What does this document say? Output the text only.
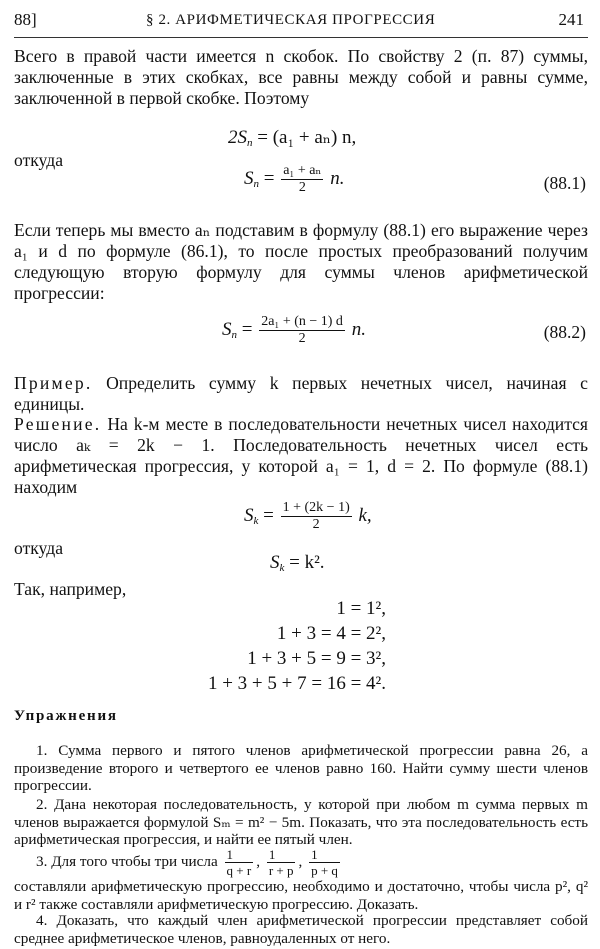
88]	§ 2. АРИФМЕТИЧЕСКАЯ ПРОГРЕССИЯ	241
Всего в правой части имеется n скобок. По свойству 2 (п. 87) суммы, заключенные в этих скобках, все равны между собой и равны сумме, заключенной в первой скобке. Поэтому
$2S_n = (a_1 + a_n)$ n,
откуда
$S_n = \frac{\text{a₁ + aₙ}}{2} n$.	(88.1)
Если теперь мы вместо aₙ подставим в формулу (88.1) его выражение через a₁ и d по формуле (86.1), то после простых преобразований получим следующую вторую формулу для суммы членов арифметической прогрессии:
$S_n = \frac{\text{2a₁ + (n − 1) d}}{2} n$.	(88.2)
Пример. Определить сумму k первых нечетных чисел, начиная с единицы.
Решение. На k-м месте в последовательности нечетных чисел находится число aₖ = 2k − 1. Последовательность нечетных чисел есть арифметическая прогрессия, у которой a₁ = 1, d = 2. По формуле (88.1) находим
$S_k = \frac{1 + (2k - 1)}{2} k$,
откуда
$S_k = k^2$.
Так, например,
1 = 1²,
1 + 3 = 4 = 2²,
1 + 3 + 5 = 9 = 3²,
1 + 3 + 5 + 7 = 16 = 4².
Упражнения
1. Сумма первого и пятого членов арифметической прогрессии равна 26, а произведение второго и четвертого ее членов равно 160. Найти сумму шести членов прогрессии.
2. Дана некоторая последовательность, у которой при любом m сумма первых m членов выражается формулой Sₘ = m² − 5m. Показать, что эта последовательность есть арифметическая прогрессия, и найти ее пятый член.
3. Для того чтобы три числа $\frac{1}{q + r}$ , $\frac{1}{r + p}$ , $\frac{1}{p + q}$
составляли арифметическую прогрессию, необходимо и достаточно, чтобы числа p², q² и r² также составляли арифметическую прогрессию. Доказать.
4. Доказать, что каждый член арифметической прогрессии представляет собой среднее арифметическое членов, равноудаленных от него.
